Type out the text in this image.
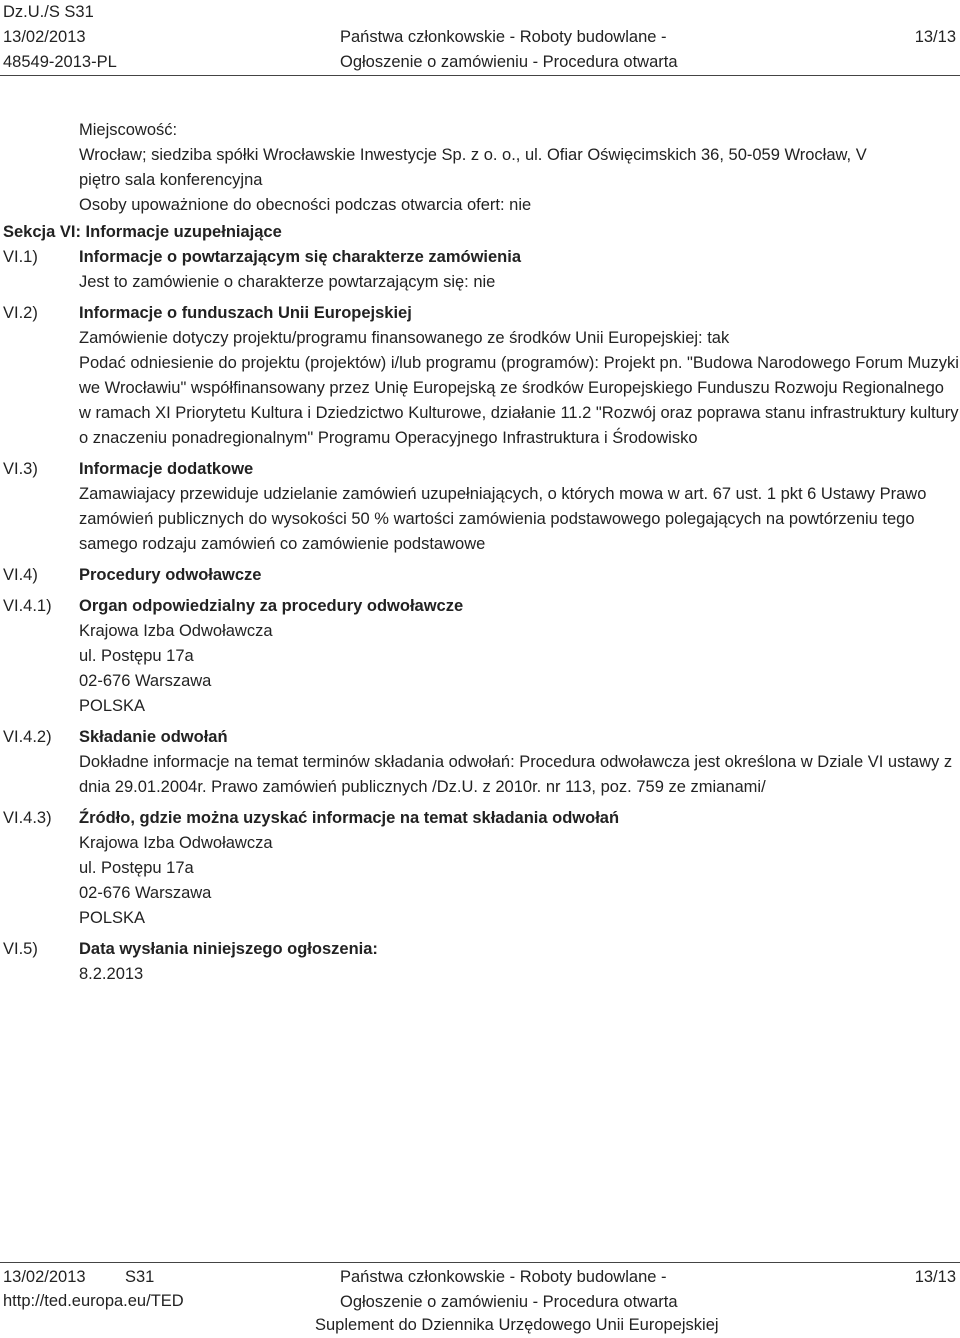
Dz.U./S S31
13/02/2013
48549-2013-PL
Państwa członkowskie - Roboty budowlane -
Ogłoszenie o zamówieniu - Procedura otwarta
13/13
Miejscowość:
Wrocław; siedziba spółki Wrocławskie Inwestycje Sp. z o. o., ul. Ofiar Oświęcimskich 36, 50-059 Wrocław, V
piętro sala konferencyjna
Osoby upoważnione do obecności podczas otwarcia ofert: nie
Sekcja VI: Informacje uzupełniające
VI.1) Informacje o powtarzającym się charakterze zamówienia
Jest to zamówienie o charakterze powtarzającym się: nie
VI.2) Informacje o funduszach Unii Europejskiej
Zamówienie dotyczy projektu/programu finansowanego ze środków Unii Europejskiej: tak
Podać odniesienie do projektu (projektów) i/lub programu (programów): Projekt pn. "Budowa Narodowego Forum Muzyki we Wrocławiu" współfinansowany przez Unię Europejską ze środków Europejskiego Funduszu Rozwoju Regionalnego w ramach XI Priorytetu Kultura i Dziedzictwo Kulturowe, działanie 11.2 "Rozwój oraz poprawa stanu infrastruktury kultury o znaczeniu ponadregionalnym" Programu Operacyjnego Infrastruktura i Środowisko
VI.3) Informacje dodatkowe
Zamawiajacy przewiduje udzielanie zamówień uzupełniających, o których mowa w art. 67 ust. 1 pkt 6 Ustawy Prawo zamówień publicznych do wysokości 50 % wartości zamówienia podstawowego polegających na powtórzeniu tego samego rodzaju zamówień co zamówienie podstawowe
VI.4) Procedury odwoławcze
VI.4.1) Organ odpowiedzialny za procedury odwoławcze
Krajowa Izba Odwoławcza
ul. Postępu 17a
02-676 Warszawa
POLSKA
VI.4.2) Składanie odwołań
Dokładne informacje na temat terminów składania odwołań: Procedura odwoławcza jest określona w Dziale VI ustawy z dnia 29.01.2004r. Prawo zamówień publicznych /Dz.U. z 2010r. nr 113, poz. 759 ze zmianami/
VI.4.3) Źródło, gdzie można uzyskać informacje na temat składania odwołań
Krajowa Izba Odwoławcza
ul. Postępu 17a
02-676 Warszawa
POLSKA
VI.5) Data wysłania niniejszego ogłoszenia:
8.2.2013
13/02/2013 S31
http://ted.europa.eu/TED
Państwa członkowskie - Roboty budowlane -
Ogłoszenie o zamówieniu - Procedura otwarta
Suplement do Dziennika Urzędowego Unii Europejskiej
13/13
